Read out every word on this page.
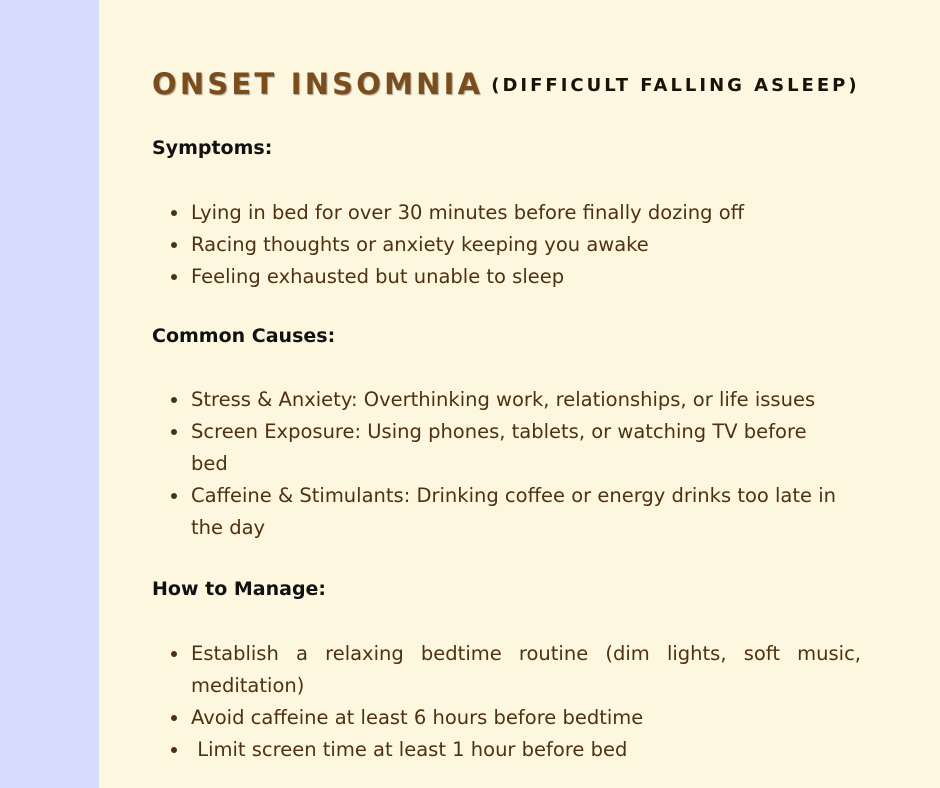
ONSET INSOMNIA (DIFFICULT FALLING ASLEEP)
Symptoms:
Lying in bed for over 30 minutes before finally dozing off
Racing thoughts or anxiety keeping you awake
Feeling exhausted but unable to sleep
Common Causes:
Stress & Anxiety: Overthinking work, relationships, or life issues
Screen Exposure: Using phones, tablets, or watching TV before bed
Caffeine & Stimulants: Drinking coffee or energy drinks too late in the day
How to Manage:
Establish a relaxing bedtime routine (dim lights, soft music, meditation)
Avoid caffeine at least 6 hours before bedtime
Limit screen time at least 1 hour before bed
